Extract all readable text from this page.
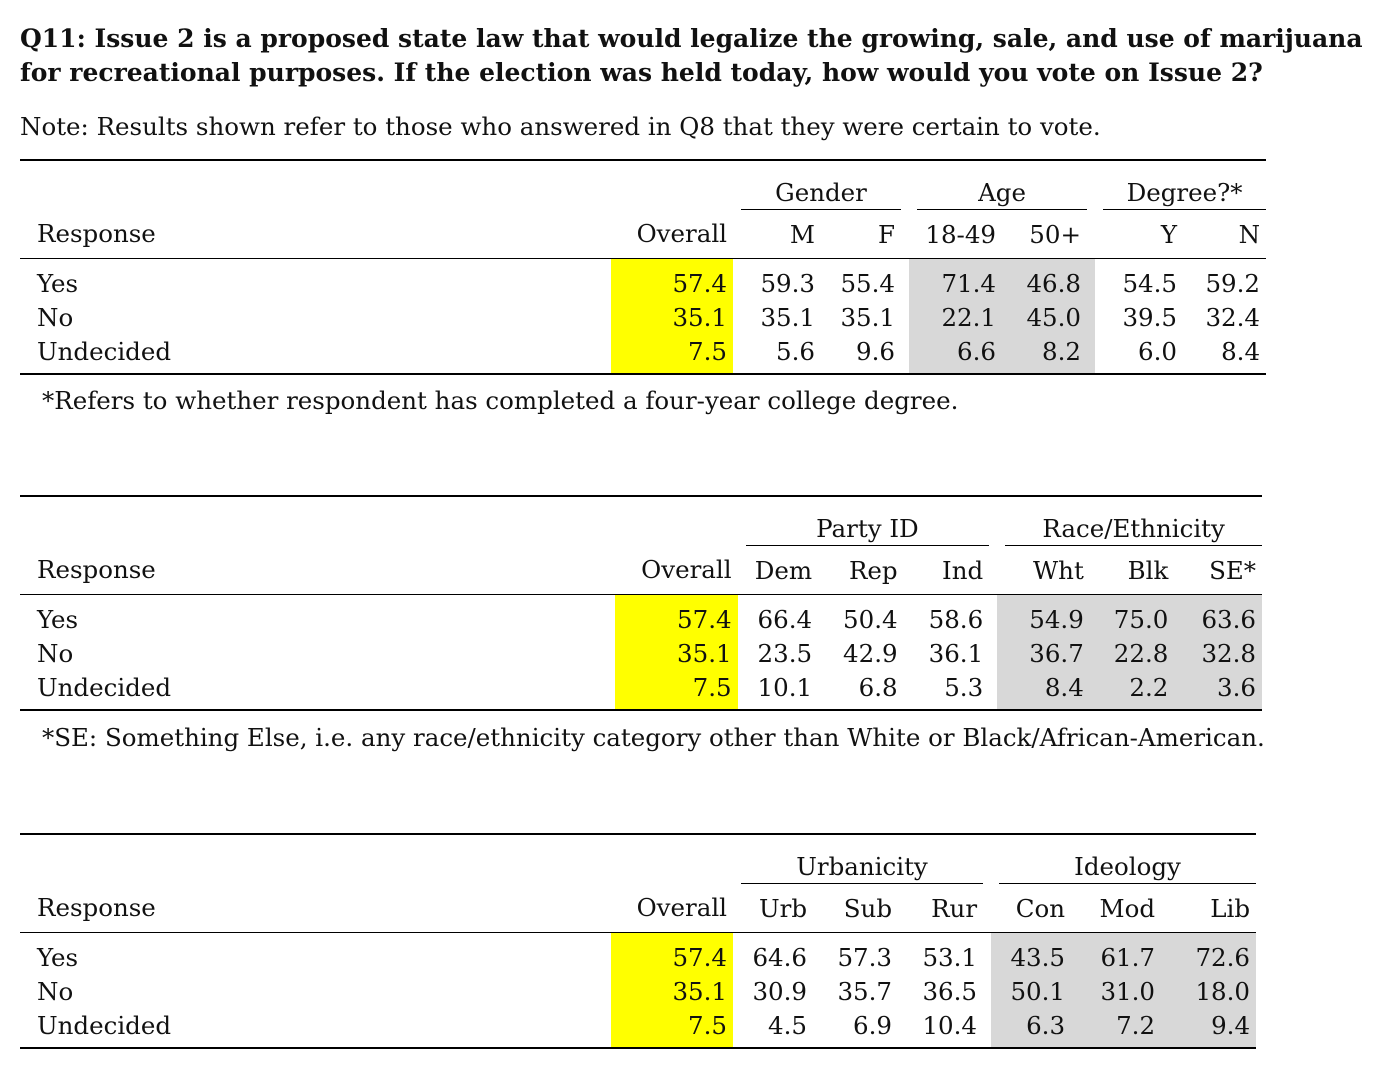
Q11: Issue 2 is a proposed state law that would legalize the growing, sale, and use of marijuana for recreational purposes. If the election was held today, how would you vote on Issue 2?

Note: Results shown refer to those who answered in Q8 that they were certain to vote.
			Gender				Age				Degree?*	
Response	Overall		M	F			18-49	50+			Y	N
Yes	57.4		59.3	55.4			71.4	46.8			54.5	59.2
No	35.1		35.1	35.1			22.1	45.0			39.5	32.4
Undecided	7.5		5.6	9.6			6.6	8.2			6.0	8.4
*Refers to whether respondent has completed a four-year college degree.
			Party ID					Race/Ethnicity		
Response	Overall		Dem	Rep	Ind			Wht	Blk	SE*
Yes	57.4		66.4	50.4	58.6			54.9	75.0	63.6
No	35.1		23.5	42.9	36.1			36.7	22.8	32.8
Undecided	7.5		10.1	6.8	5.3			8.4	2.2	3.6
*SE: Something Else, i.e. any race/ethnicity category other than White or Black/African-American.
			Urbanicity					Ideology		
Response	Overall		Urb	Sub	Rur			Con	Mod	Lib
Yes	57.4		64.6	57.3	53.1			43.5	61.7	72.6
No	35.1		30.9	35.7	36.5			50.1	31.0	18.0
Undecided	7.5		4.5	6.9	10.4			6.3	7.2	9.4
